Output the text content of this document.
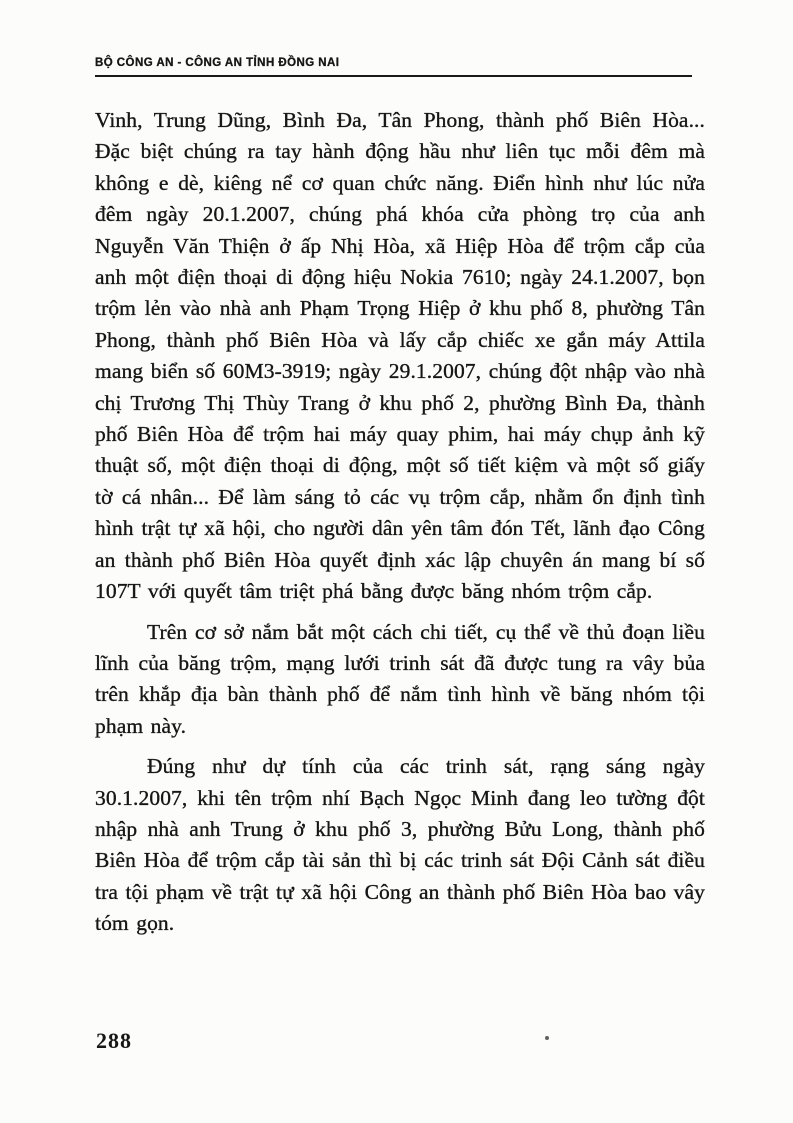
BỘ CÔNG AN - CÔNG AN TỈNH ĐỒNG NAI

Vinh, Trung Dũng, Bình Đa, Tân Phong, thành phố Biên Hòa... Đặc biệt chúng ra tay hành động hầu như liên tục mỗi đêm mà không e dè, kiêng nể cơ quan chức năng. Điển hình như lúc nửa đêm ngày 20.1.2007, chúng phá khóa cửa phòng trọ của anh Nguyễn Văn Thiện ở ấp Nhị Hòa, xã Hiệp Hòa để trộm cắp của anh một điện thoại di động hiệu Nokia 7610; ngày 24.1.2007, bọn trộm lẻn vào nhà anh Phạm Trọng Hiệp ở khu phố 8, phường Tân Phong, thành phố Biên Hòa và lấy cắp chiếc xe gắn máy Attila mang biển số 60M3-3919; ngày 29.1.2007, chúng đột nhập vào nhà chị Trương Thị Thùy Trang ở khu phố 2, phường Bình Đa, thành phố Biên Hòa để trộm hai máy quay phim, hai máy chụp ảnh kỹ thuật số, một điện thoại di động, một số tiết kiệm và một số giấy tờ cá nhân... Để làm sáng tỏ các vụ trộm cắp, nhằm ổn định tình hình trật tự xã hội, cho người dân yên tâm đón Tết, lãnh đạo Công an thành phố Biên Hòa quyết định xác lập chuyên án mang bí số 107T với quyết tâm triệt phá bằng được băng nhóm trộm cắp.

Trên cơ sở nắm bắt một cách chi tiết, cụ thể về thủ đoạn liều lĩnh của băng trộm, mạng lưới trinh sát đã được tung ra vây bủa trên khắp địa bàn thành phố để nắm tình hình về băng nhóm tội phạm này.

Đúng như dự tính của các trinh sát, rạng sáng ngày 30.1.2007, khi tên trộm nhí Bạch Ngọc Minh đang leo tường đột nhập nhà anh Trung ở khu phố 3, phường Bửu Long, thành phố Biên Hòa để trộm cắp tài sản thì bị các trinh sát Đội Cảnh sát điều tra tội phạm về trật tự xã hội Công an thành phố Biên Hòa bao vây tóm gọn.

288
